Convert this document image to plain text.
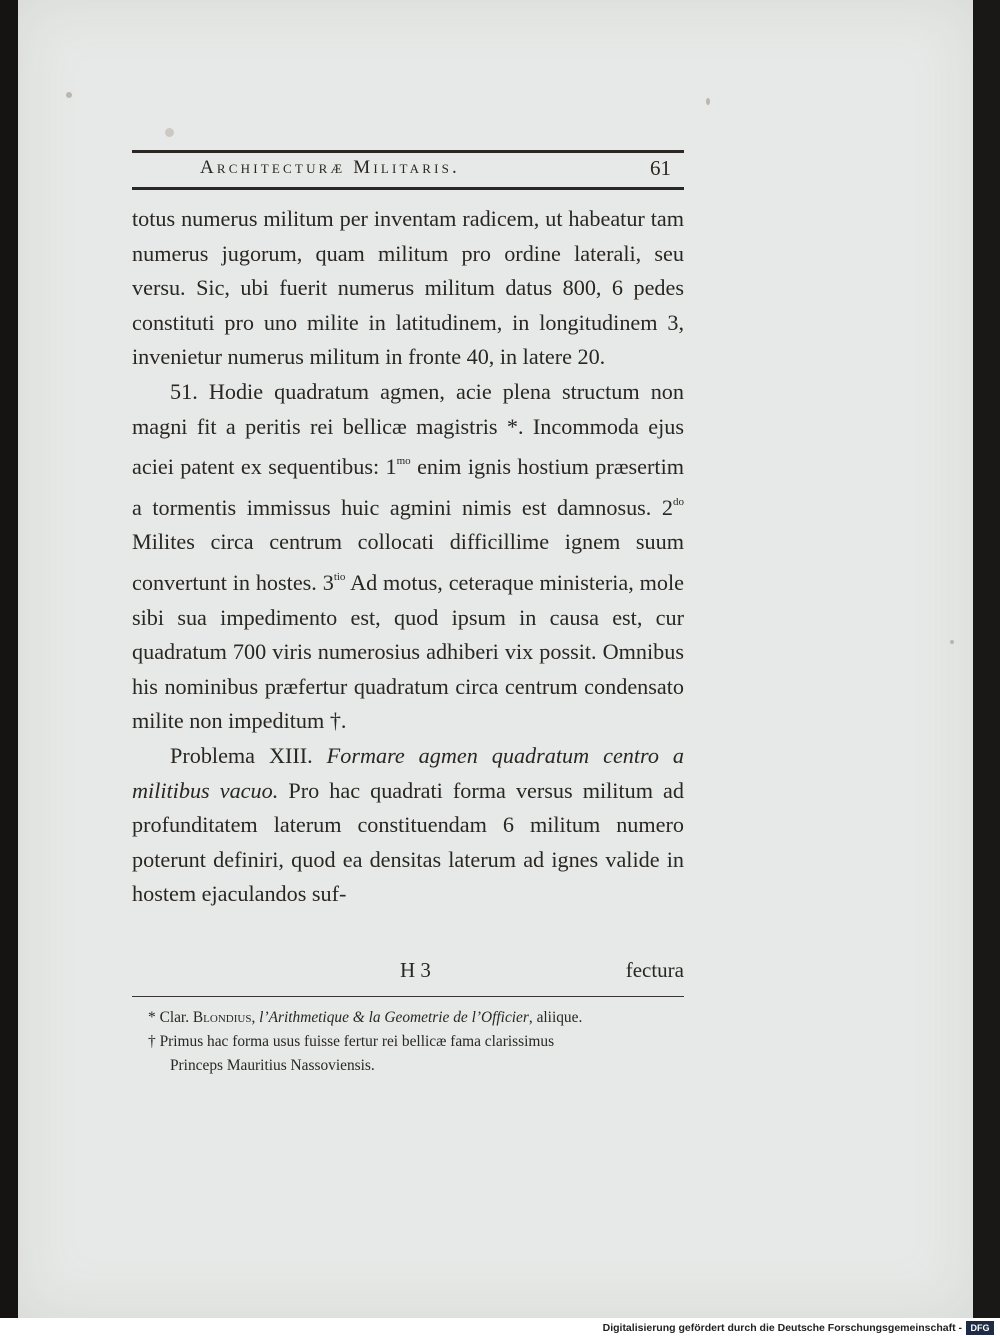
Architecturæ Militaris.	61

totus numerus militum per inventam radicem, ut habeatur tam numerus jugorum, quam militum pro ordine laterali, seu versu. Sic, ubi fuerit numerus militum datus 800, 6 pedes constituti pro uno milite in latitudinem, in longitudinem 3, invenietur numerus militum in fronte 40, in latere 20.

51. Hodie quadratum agmen, acie plena structum non magni fit a peritis rei bellicæ magistris *. Incommoda ejus aciei patent ex sequentibus: $1^{mo}$ enim ignis hostium præsertim a tormentis immissus huic agmini nimis est damnosus. $2^{do}$ Milites circa centrum collocati difficillime ignem suum convertunt in hostes. $3^{tio}$ Ad motus, ceteraque ministeria, mole sibi sua impedimento est, quod ipsum in causa est, cur quadratum 700 viris numerosius adhiberi vix possit. Omnibus his nominibus præfertur quadratum circa centrum condensato milite non impeditum †.

Problema XIII. Formare agmen quadratum centro a militibus vacuo. Pro hac quadrati forma versus militum ad profunditatem laterum constituendam 6 militum numero poterunt definiri, quod ea densitas laterum ad ignes valide in hostem ejaculandos suf-

H 3	fectura
* Clar. Blondius, l’Arithmetique & la Geometrie de l’Officier, aliique.
† Primus hac forma usus fuisse fertur rei bellicæ fama clarissimus
Princeps Mauritius Nassoviensis.
Digitalisierung gefördert durch die Deutsche Forschungsgemeinschaft - DFG
